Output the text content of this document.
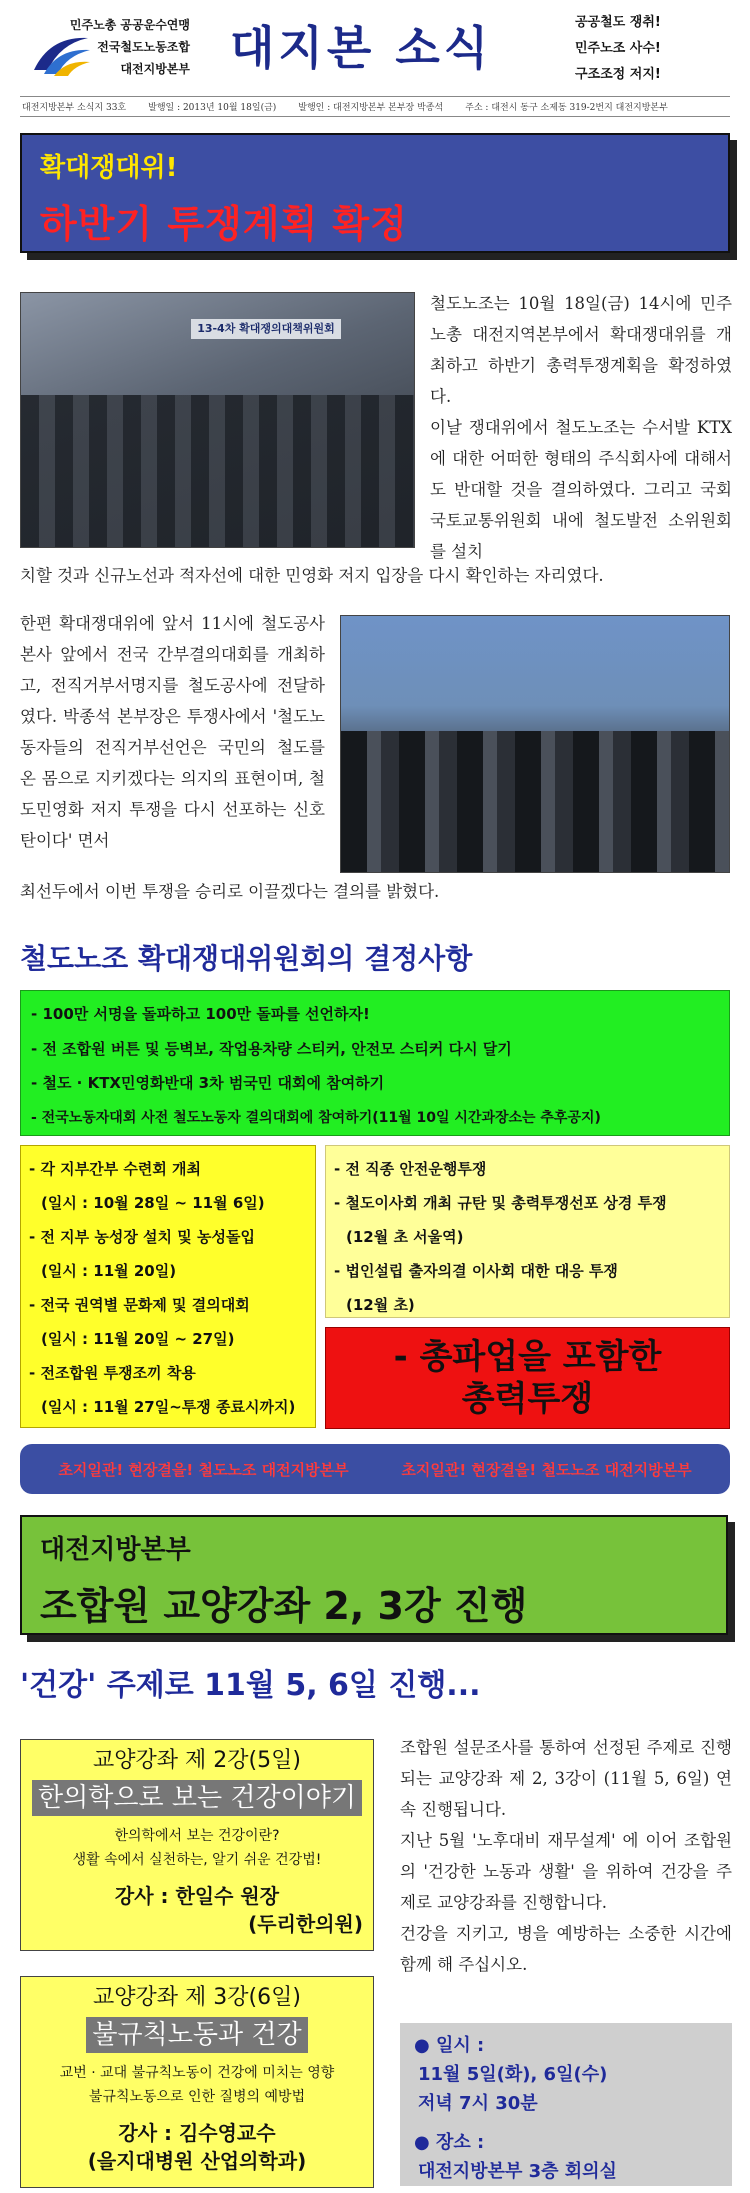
민주노총 공공운수연맹
전국철도노동조합
대전지방본부 대지본 소식	공공철도 쟁취!
민주노조 사수!
구조조정 저지!
대전지방본부 소식지 33호 발행일 : 2013년 10월 18일(금) 발행인 : 대전지방본부 본부장 박종석 주소 : 대전시 동구 소제동 319-2번지 대전지방본부
확대쟁대위!
하반기 투쟁계획 확정
13-4차 확대쟁의대책위원회
철도노조는 10월 18일(금) 14시에 민주노총 대전지역본부에서 확대쟁대위를 개최하고 하반기 총력투쟁계획을 확정하였다.
이날 쟁대위에서 철도노조는 수서발 KTX에 대한 어떠한 형태의 주식회사에 대해서도 반대할 것을 결의하였다. 그리고 국회 국토교통위원회 내에 철도발전 소위원회를 설치
치할 것과 신규노선과 적자선에 대한 민영화 저지 입장을 다시 확인하는 자리였다.
한편 확대쟁대위에 앞서 11시에 철도공사 본사 앞에서 전국 간부결의대회를 개최하고, 전직거부서명지를 철도공사에 전달하였다. 박종석 본부장은 투쟁사에서 '철도노동자들의 전직거부선언은 국민의 철도를 온 몸으로 지키겠다는 의지의 표현이며, 철도민영화 저지 투쟁을 다시 선포하는 신호탄이다' 면서
최선두에서 이번 투쟁을 승리로 이끌겠다는 결의를 밝혔다.
철도노조 확대쟁대위원회의 결정사항
- 100만 서명을 돌파하고 100만 돌파를 선언하자!
- 전 조합원 버튼 및 등벽보, 작업용차량 스티커, 안전모 스티커 다시 달기
- 철도 · KTX민영화반대 3차 범국민 대회에 참여하기
- 전국노동자대회 사전 철도노동자 결의대회에 참여하기(11월 10일 시간과장소는 추후공지)
- 각 지부간부 수련회 개최
(일시 : 10월 28일 ~ 11월 6일)
- 전 지부 농성장 설치 및 농성돌입
(일시 : 11월 20일)
- 전국 권역별 문화제 및 결의대회
(일시 : 11월 20일 ~ 27일)
- 전조합원 투쟁조끼 착용
(일시 : 11월 27일~투쟁 종료시까지)
- 전 직종 안전운행투쟁
- 철도이사회 개최 규탄 및 총력투쟁선포 상경 투쟁
(12월 초 서울역)
- 법인설립 출자의결 이사회 대한 대응 투쟁
(12월 초)
- 총파업을 포함한
총력투쟁
초지일관! 현장결을! 철도노조 대전지방본부	초지일관! 현장결을! 철도노조 대전지방본부
대전지방본부
조합원 교양강좌 2, 3강 진행
'건강' 주제로 11월 5, 6일 진행...
교양강좌 제 2강(5일)
한의학으로 보는 건강이야기
한의학에서 보는 건강이란?
생활 속에서 실천하는, 알기 쉬운 건강법!
강사 : 한일수 원장
(두리한의원)
교양강좌 제 3강(6일)
불규칙노동과 건강
교번 · 교대 불규칙노동이 건강에 미치는 영향
불규칙노동으로 인한 질병의 예방법
강사 : 김수영교수
(을지대병원 산업의학과)
조합원 설문조사를 통하여 선정된 주제로 진행되는 교양강좌 제 2, 3강이 (11월 5, 6일) 연속 진행됩니다.
지난 5월 '노후대비 재무설계' 에 이어 조합원의 '건강한 노동과 생활' 을 위하여 건강을 주제로 교양강좌를 진행합니다.
건강을 지키고, 병을 예방하는 소중한 시간에 함께 해 주십시오.
● 일시 :
11월 5일(화), 6일(수)
저녁 7시 30분
● 장소 :
대전지방본부 3층 회의실
